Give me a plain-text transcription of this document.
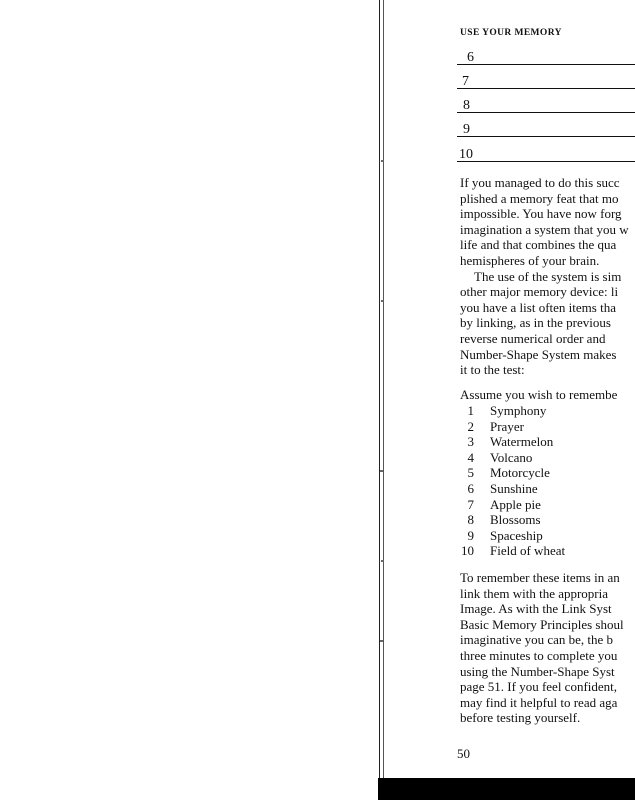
USE YOUR MEMORY
6
7
8
9
10
If you managed to do this succ
plished a memory feat that mo
impossible. You have now forg
imagination a system that you w
life and that combines the qua
hemispheres of your brain.
The use of the system is sim
other major memory device: li
you have a list often items tha
by linking, as in the previous
reverse numerical order and
Number-Shape System makes
it to the test:
Assume you wish to remembe
1 Symphony
2 Prayer
3 Watermelon
4 Volcano
5 Motorcycle
6 Sunshine
7 Apple pie
8 Blossoms
9 Spaceship
10 Field of wheat
To remember these items in an
link them with the appropria
Image. As with the Link Syst
Basic Memory Principles shoul
imaginative you can be, the b
three minutes to complete you
using the Number-Shape Syst
page 51. If you feel confident,
may find it helpful to read aga
before testing yourself.
50
